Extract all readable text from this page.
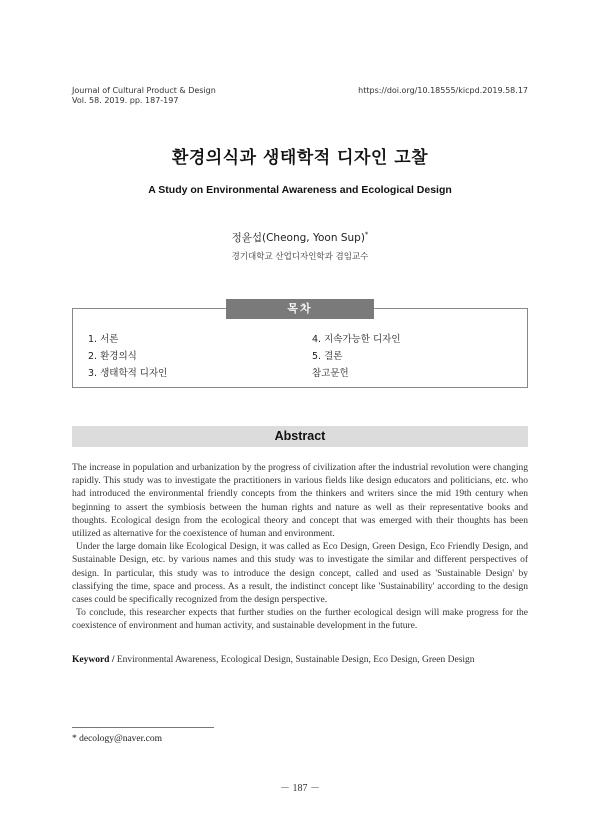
Journal of Cultural Product & Design
Vol. 58. 2019. pp. 187-197
https://doi.org/10.18555/kicpd.2019.58.17
환경의식과 생태학적 디자인 고찰
A Study on Environmental Awareness and Ecological Design
정윤섭(Cheong, Yoon Sup)*
경기대학교 산업디자인학과 겸임교수
목차
1. 서론
2. 환경의식
3. 생태학적 디자인
4. 지속가능한 디자인
5. 결론
참고문헌
Abstract

The increase in population and urbanization by the progress of civilization after the industrial revolution were changing rapidly. This study was to investigate the practitioners in various fields like design educators and politicians, etc. who had introduced the environmental friendly concepts from the thinkers and writers since the mid 19th century when beginning to assert the symbiosis between the human rights and nature as well as their representative books and thoughts. Ecological design from the ecological theory and concept that was emerged with their thoughts has been utilized as alternative for the coexistence of human and environment.

Under the large domain like Ecological Design, it was called as Eco Design, Green Design, Eco Friendly Design, and Sustainable Design, etc. by various names and this study was to investigate the similar and different perspectives of design. In particular, this study was to introduce the design concept, called and used as 'Sustainable Design' by classifying the time, space and process. As a result, the indistinct concept like 'Sustainability' according to the design cases could be specifically recognized from the design perspective.

To conclude, this researcher expects that further studies on the further ecological design will make progress for the coexistence of environment and human activity, and sustainable development in the future.

Keyword / Environmental Awareness, Ecological Design, Sustainable Design, Eco Design, Green Design
* decology@naver.com
－ 187 －
